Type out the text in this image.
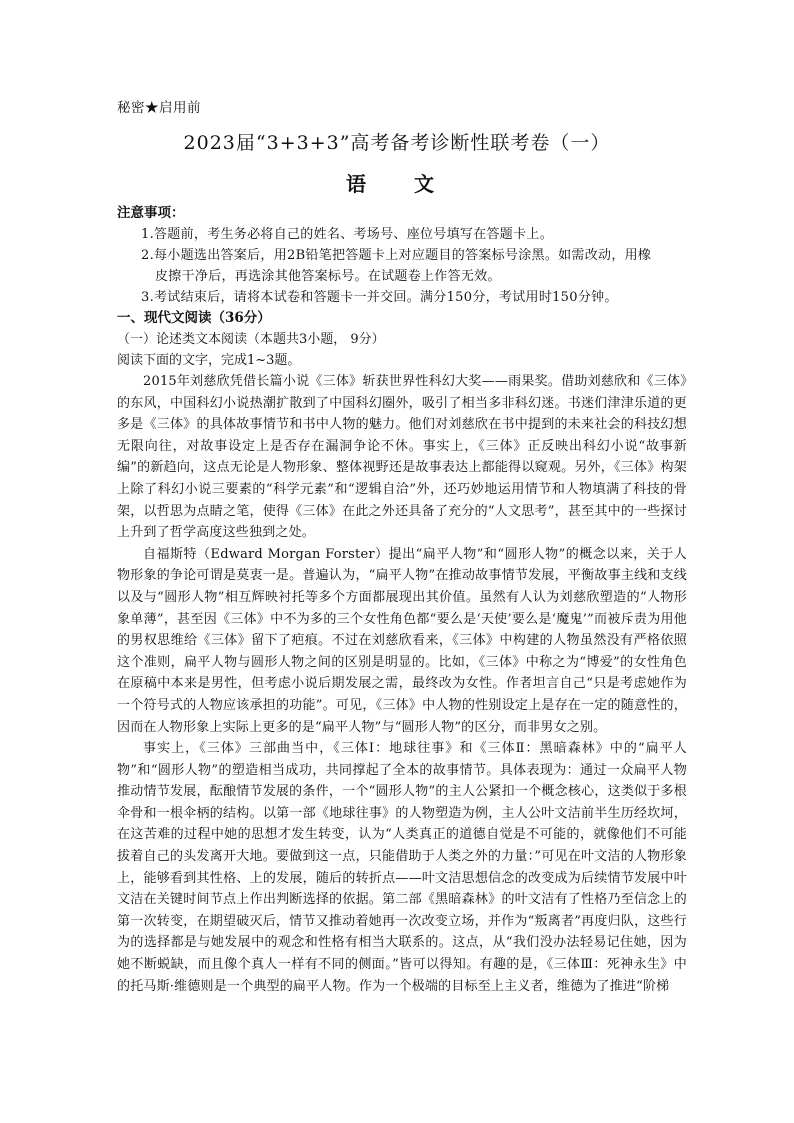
秘密★启用前
2023届“3+3+3”高考备考诊断性联考卷（一）
语　文
注意事项：
1.答题前，考生务必将自己的姓名、考场号、座位号填写在答题卡上。
2.每小题选出答案后，用2B铅笔把答题卡上对应题目的答案标号涂黑。如需改动，用橡
皮擦干净后，再选涂其他答案标号。在试题卷上作答无效。
3.考试结束后，请将本试卷和答题卡一并交回。满分150分，考试用时150分钟。
一、现代文阅读（36分）
（一）论述类文本阅读（本题共3小题， 9分）
阅读下面的文字，完成1~3题。

2015年刘慈欣凭借长篇小说《三体》斩获世界性科幻大奖——雨果奖。借助刘慈欣和《三体》的东风，中国科幻小说热潮扩散到了中国科幻圈外，吸引了相当多非科幻迷。书迷们津津乐道的更多是《三体》的具体故事情节和书中人物的魅力。他们对刘慈欣在书中提到的未来社会的科技幻想无限向往，对故事设定上是否存在漏洞争论不休。事实上，《三体》正反映出科幻小说“故事新编”的新趋向，这点无论是人物形象、整体视野还是故事表达上都能得以窥观。另外，《三体》构架上除了科幻小说三要素的“科学元素”和“逻辑自洽”外，还巧妙地运用情节和人物填满了科技的骨架，以哲思为点睛之笔，使得《三体》在此之外还具备了充分的“人文思考”，甚至其中的一些探讨上升到了哲学高度这些独到之处。

自福斯特（Edward Morgan Forster）提出“扁平人物”和“圆形人物”的概念以来，关于人物形象的争论可谓是莫衷一是。普遍认为，“扁平人物”在推动故事情节发展，平衡故事主线和支线以及与“圆形人物”相互辉映衬托等多个方面都展现出其价值。虽然有人认为刘慈欣塑造的“人物形象单薄”，甚至因《三体》中不为多的三个女性角色都“要么是‘天使’要么是‘魔鬼’”而被斥责为用他的男权思维给《三体》留下了疤痕。不过在刘慈欣看来，《三体》中构建的人物虽然没有严格依照这个准则，扁平人物与圆形人物之间的区别是明显的。比如，《三体》中称之为“博爱”的女性角色在原稿中本来是男性，但考虑小说后期发展之需，最终改为女性。作者坦言自己“只是考虑她作为一个符号式的人物应该承担的功能”。可见，《三体》中人物的性别设定上是存在一定的随意性的，因而在人物形象上实际上更多的是“扁平人物”与“圆形人物”的区分，而非男女之别。

事实上，《三体》三部曲当中，《三体Ⅰ：地球往事》和《三体Ⅱ：黑暗森林》中的“扁平人物”和“圆形人物”的塑造相当成功，共同撑起了全本的故事情节。具体表现为：通过一众扁平人物推动情节发展，酝酿情节发展的条件，一个“圆形人物”的主人公紧扣一个概念核心，这类似于多根伞骨和一根伞柄的结构。以第一部《地球往事》的人物塑造为例，主人公叶文洁前半生历经坎坷，在这苦难的过程中她的思想才发生转变，认为“人类真正的道德自觉是不可能的，就像他们不可能拔着自己的头发离开大地。要做到这一点，只能借助于人类之外的力量：”可见在叶文洁的人物形象上，能够看到其性格、上的发展，随后的转折点——叶文洁思想信念的改变成为后续情节发展中叶文洁在关键时间节点上作出判断选择的依据。第二部《黑暗森林》的叶文洁有了性格乃至信念上的第一次转变，在期望破灭后，情节又推动着她再一次改变立场，并作为“叛离者”再度归队，这些行为的选择都是与她发展中的观念和性格有相当大联系的。这点，从“我们没办法轻易记住她，因为她不断蜕缺，而且像个真人一样有不同的侧面。”皆可以得知。有趣的是，《三体Ⅲ：死神永生》中的托马斯·维德则是一个典型的扁平人物。作为一个极端的目标至上主义者，维德为了推进“阶梯
